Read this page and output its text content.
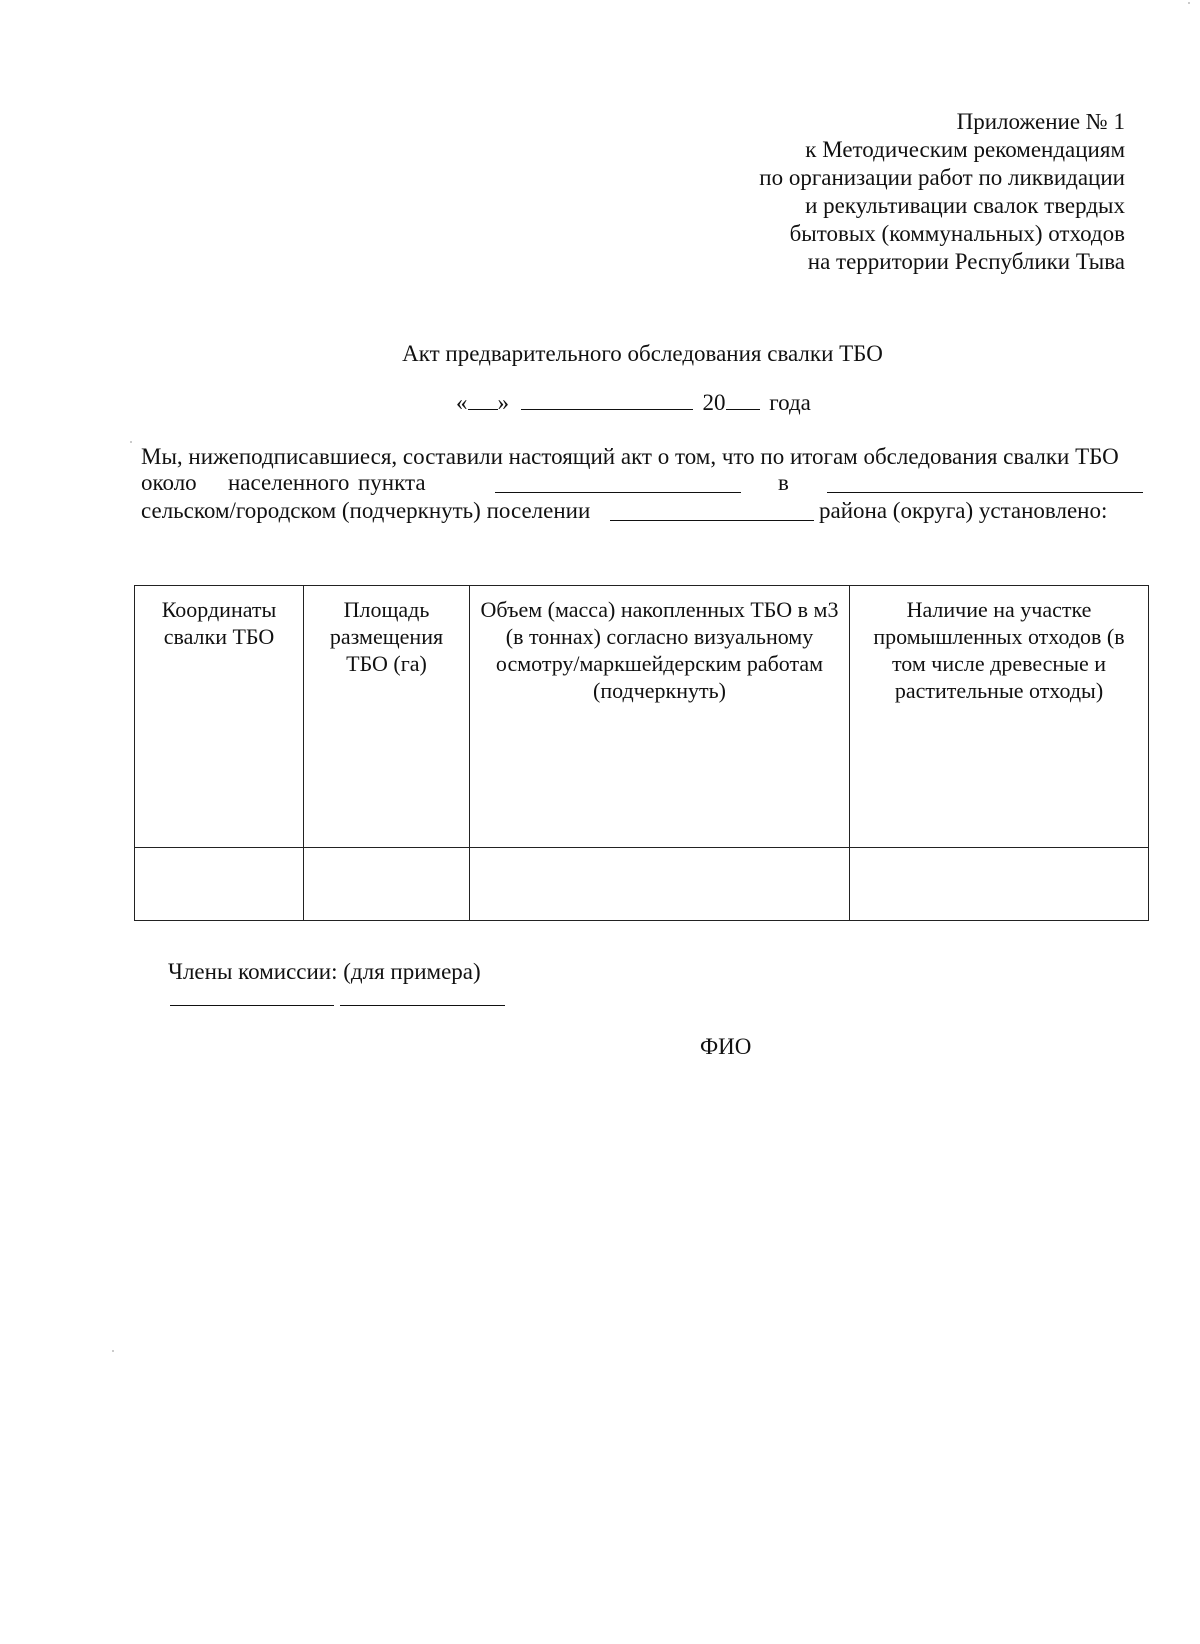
Приложение № 1
к Методическим рекомендациям
по организации работ по ликвидации
и рекультивации свалок твердых
бытовых (коммунальных) отходов
на территории Республики Тыва
Акт предварительного обследования свалки ТБО
« »	20 года
Мы, нижеподписавшиеся, составили настоящий акт о том, что по итогам обследования свалки ТБО
около населенного пункта	в
сельском/городском (подчеркнуть) поселении	района (округа) установлено:
Координаты свалки ТБО	Площадь размещения ТБО (га)	Объем (масса) накопленных ТБО в м3 (в тоннах) согласно визуальному осмотру/маркшейдерским работам (подчеркнуть)	Наличие на участке промышленных отходов (в том числе древесные и растительные отходы)

Члены комиссии: (для примера)
ФИО
